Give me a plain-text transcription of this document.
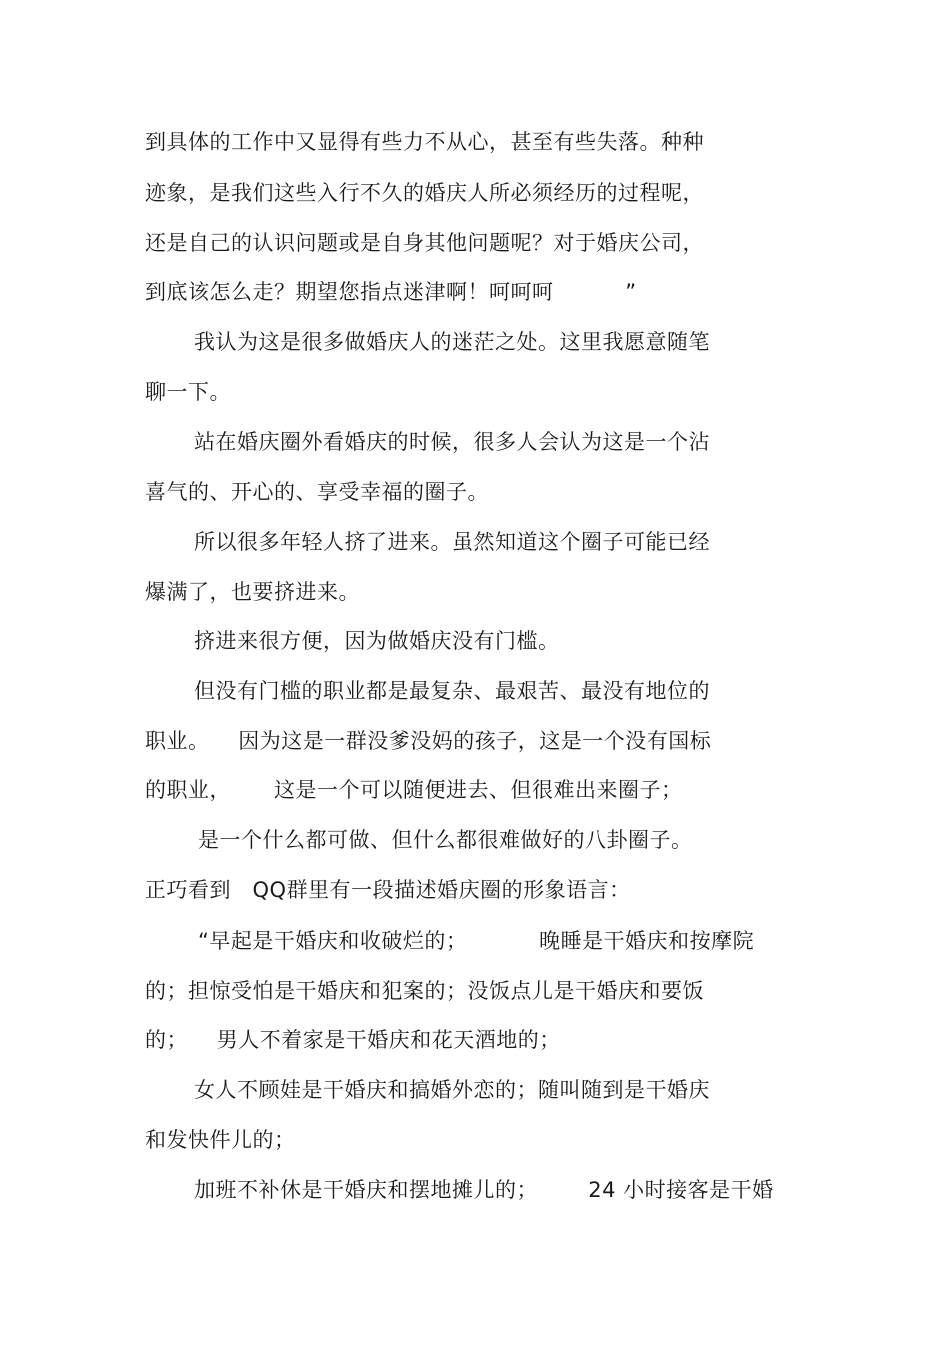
到具体的工作中又显得有些力不从心，甚至有些失落。种种
迹象，是我们这些入行不久的婚庆人所必须经历的过程呢，
还是自己的认识问题或是自身其他问题呢？对于婚庆公司，
到底该怎么走？期望您指点迷津啊！呵呵呵          ”
我认为这是很多做婚庆人的迷茫之处。这里我愿意随笔
聊一下。
站在婚庆圈外看婚庆的时候，很多人会认为这是一个沾
喜气的、开心的、享受幸福的圈子。
所以很多年轻人挤了进来。虽然知道这个圈子可能已经
爆满了，也要挤进来。
挤进来很方便，因为做婚庆没有门槛。
但没有门槛的职业都是最复杂、最艰苦、最没有地位的
职业。    因为这是一群没爹没妈的孩子，这是一个没有国标
的职业，      这是一个可以随便进去、但很难出来圈子；
是一个什么都可做、但什么都很难做好的八卦圈子。
正巧看到   QQ群里有一段描述婚庆圈的形象语言：
“早起是干婚庆和收破烂的；          晚睡是干婚庆和按摩院
的；担惊受怕是干婚庆和犯案的；没饭点儿是干婚庆和要饭
的；    男人不着家是干婚庆和花天酒地的；
女人不顾娃是干婚庆和搞婚外恋的；随叫随到是干婚庆
和发快件儿的；
加班不补休是干婚庆和摆地摊儿的；       24 小时接客是干婚
